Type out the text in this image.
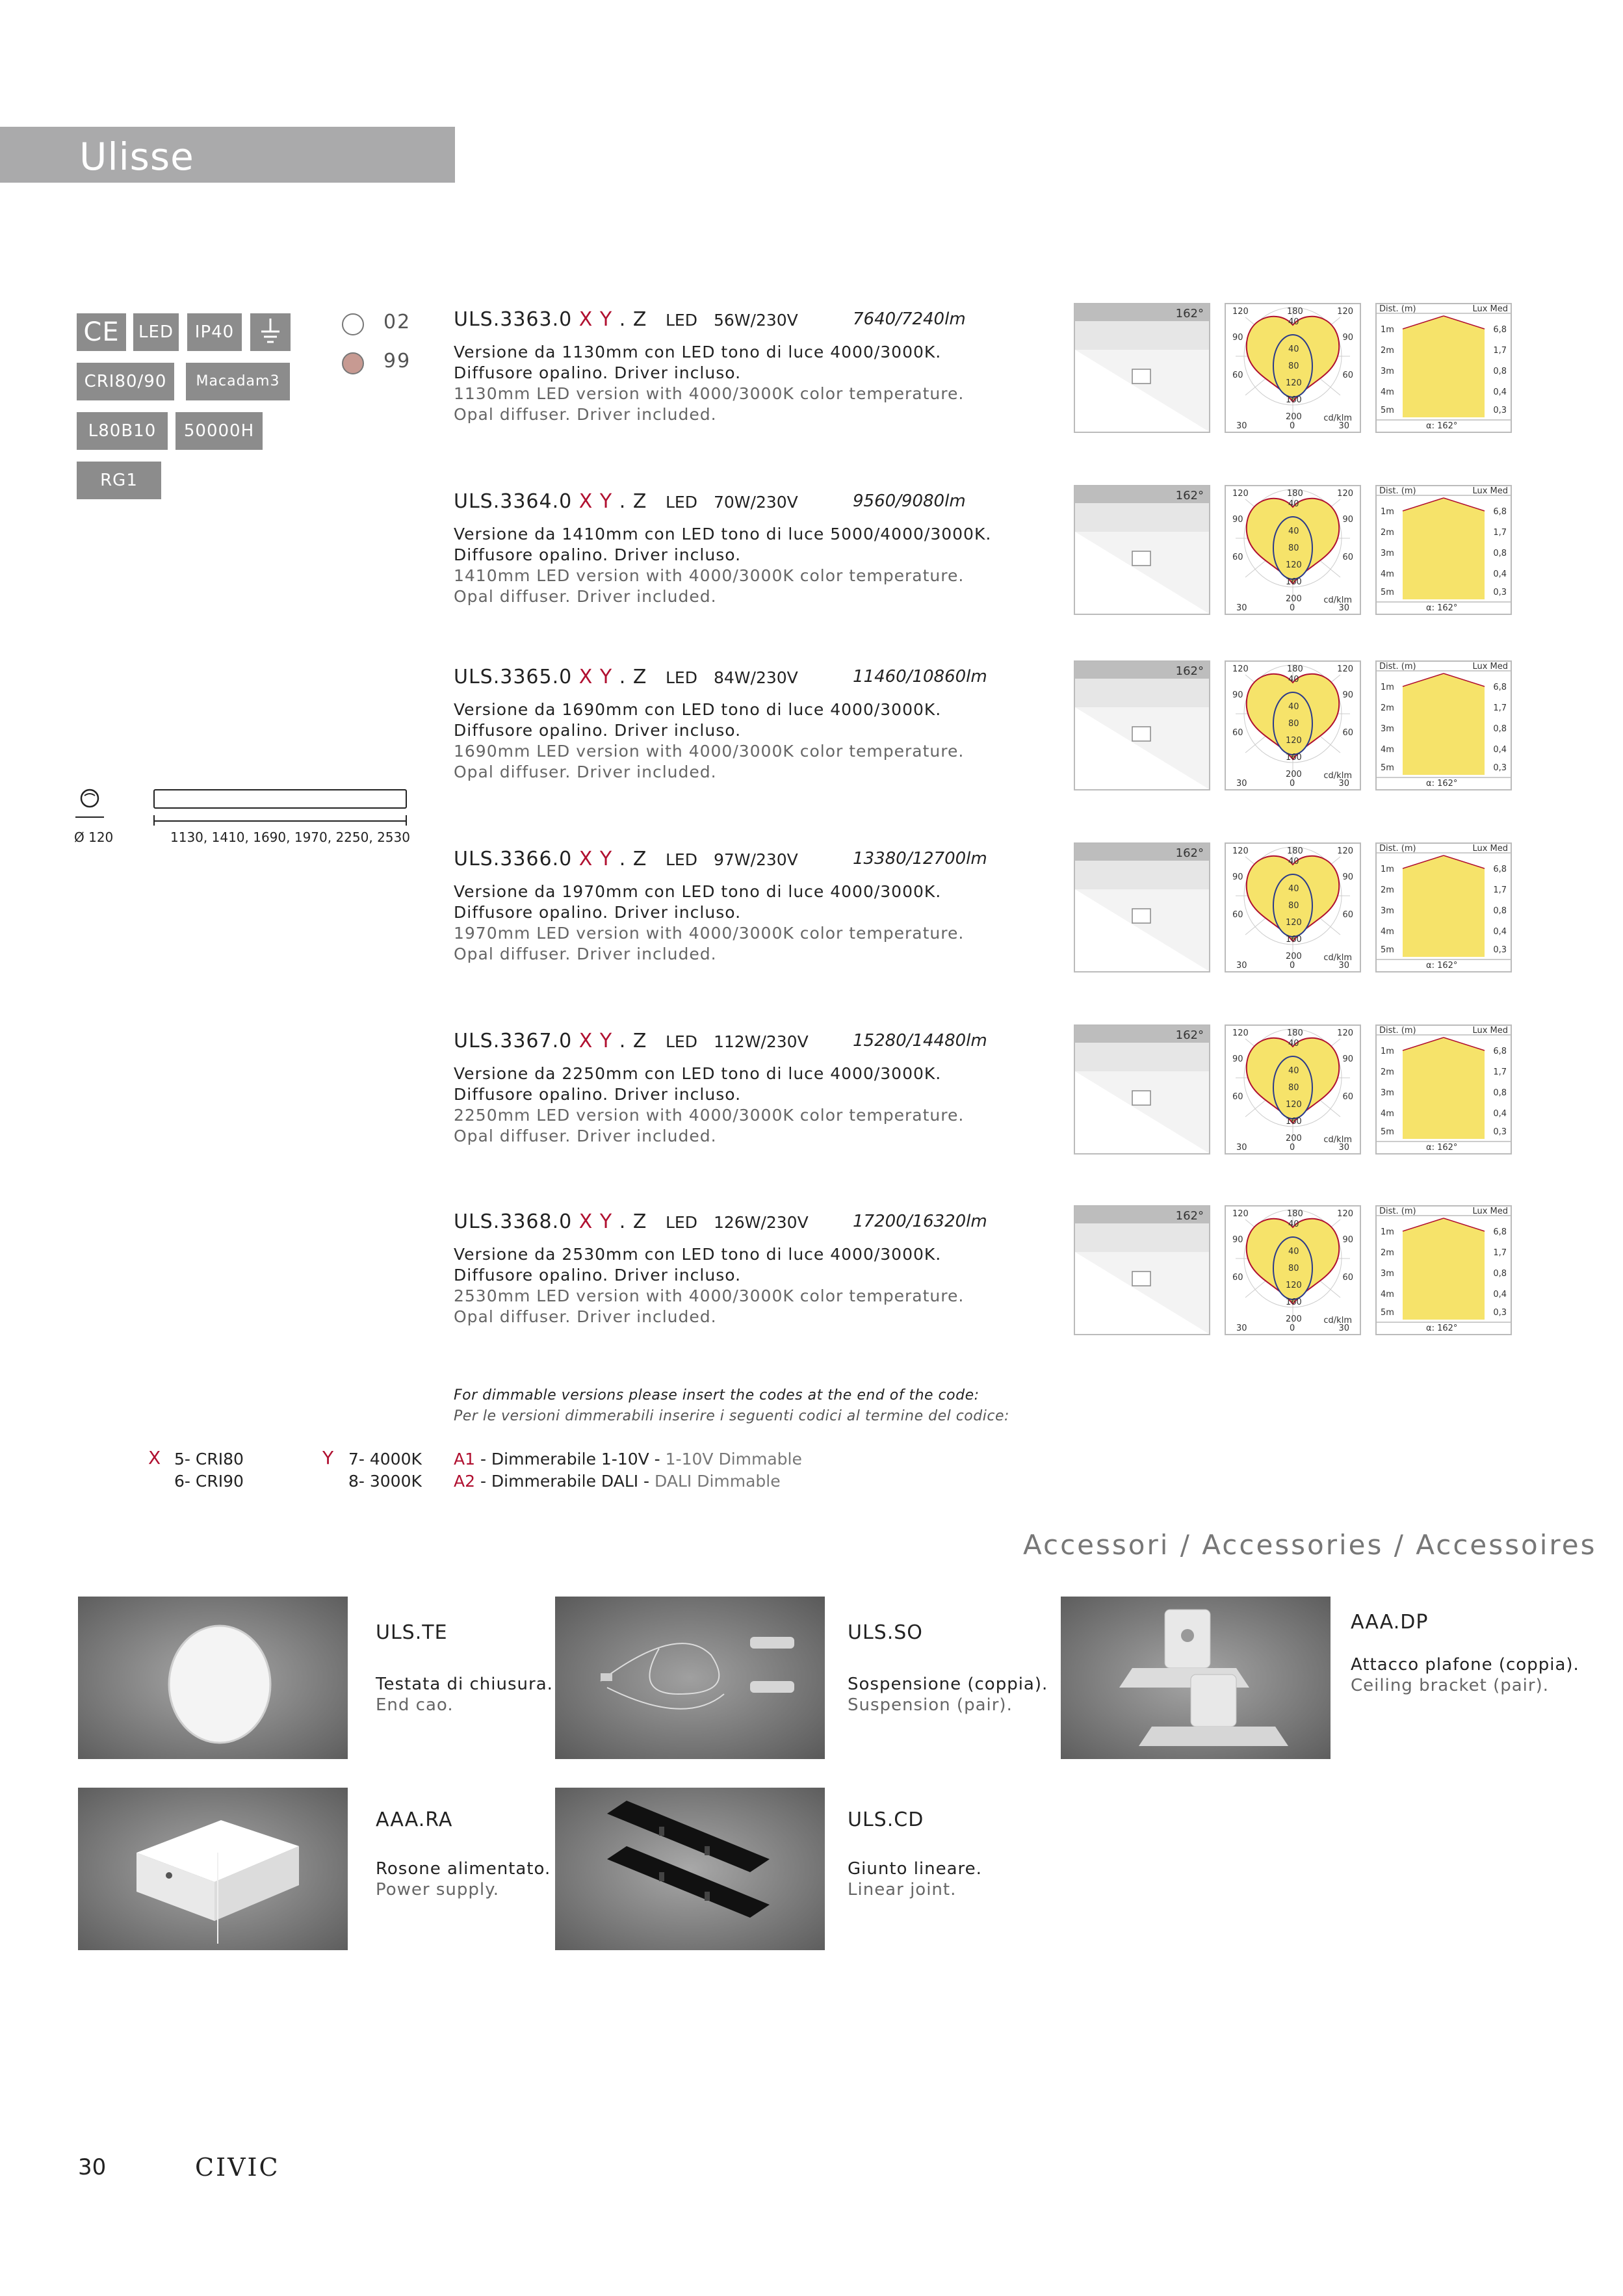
Ulisse
CE	LED	IP40
CRI80/90	Macadam3
L80B10	50000H
RG1
02
99
Ø 120	1130, 1410, 1690, 1970, 2250, 2530
ULS.3363.0 X Y . Z LED 56W/230V	7640/7240lm
Versione da 1130mm con LED tono di luce 4000/3000K.
Diffusore opalino. Driver incluso.
1130mm LED version with 4000/3000K color temperature.
Opal diffuser. Driver included.
162°	120	180	120
90	90
60	60
40
40
80
120
160
200	cd/klm
30	0	30
Dist. (m)	Lux Med
1m	6,8
2m	1,7
3m	0,8
4m	0,4
5m	0,3
α: 162°
ULS.3364.0 X Y . Z LED 70W/230V	9560/9080lm
Versione da 1410mm con LED tono di luce 5000/4000/3000K.
Diffusore opalino. Driver incluso.
1410mm LED version with 4000/3000K color temperature.
Opal diffuser. Driver included.
162°	120	180	120
90	90
60	60
40
40
80
120
160
200	cd/klm
30	0	30
Dist. (m)	Lux Med
1m	6,8
2m	1,7
3m	0,8
4m	0,4
5m	0,3
α: 162°
ULS.3365.0 X Y . Z LED 84W/230V	11460/10860lm
Versione da 1690mm con LED tono di luce 4000/3000K.
Diffusore opalino. Driver incluso.
1690mm LED version with 4000/3000K color temperature.
Opal diffuser. Driver included.
162°	120	180	120
90	90
60	60
40
40
80
120
160
200	cd/klm
30	0	30
Dist. (m)	Lux Med
1m	6,8
2m	1,7
3m	0,8
4m	0,4
5m	0,3
α: 162°
ULS.3366.0 X Y . Z LED 97W/230V	13380/12700lm
Versione da 1970mm con LED tono di luce 4000/3000K.
Diffusore opalino. Driver incluso.
1970mm LED version with 4000/3000K color temperature.
Opal diffuser. Driver included.
162°	120	180	120
90	90
60	60
40
40
80
120
160
200	cd/klm
30	0	30
Dist. (m)	Lux Med
1m	6,8
2m	1,7
3m	0,8
4m	0,4
5m	0,3
α: 162°
ULS.3367.0 X Y . Z LED 112W/230V	15280/14480lm
Versione da 2250mm con LED tono di luce 4000/3000K.
Diffusore opalino. Driver incluso.
2250mm LED version with 4000/3000K color temperature.
Opal diffuser. Driver included.
162°	120	180	120
90	90
60	60
40
40
80
120
160
200	cd/klm
30	0	30
Dist. (m)	Lux Med
1m	6,8
2m	1,7
3m	0,8
4m	0,4
5m	0,3
α: 162°
ULS.3368.0 X Y . Z LED 126W/230V	17200/16320lm
Versione da 2530mm con LED tono di luce 4000/3000K.
Diffusore opalino. Driver incluso.
2530mm LED version with 4000/3000K color temperature.
Opal diffuser. Driver included.
162°	120	180	120
90	90
60	60
40
40
80
120
160
200	cd/klm
30	0	30
Dist. (m)	Lux Med
1m	6,8
2m	1,7
3m	0,8
4m	0,4
5m	0,3
α: 162°
For dimmable versions please insert the codes at the end of the code:
Per le versioni dimmerabili inserire i seguenti codici al termine del codice:
X 5- CRI80
6- CRI90
Y 7- 4000K
8- 3000K
A1 - Dimmerabile 1-10V - 1-10V Dimmable
A2 - Dimmerabile DALI - DALI Dimmable
Accessori / Accessories / Accessoires
ULS.TE
Testata di chiusura.
End cao.
ULS.SO
Sospensione (coppia).
Suspension (pair).
AAA.DP
Attacco plafone (coppia).
Ceiling bracket (pair).
AAA.RA
Rosone alimentato.
Power supply.
ULS.CD
Giunto lineare.
Linear joint.
30	CIVIC
